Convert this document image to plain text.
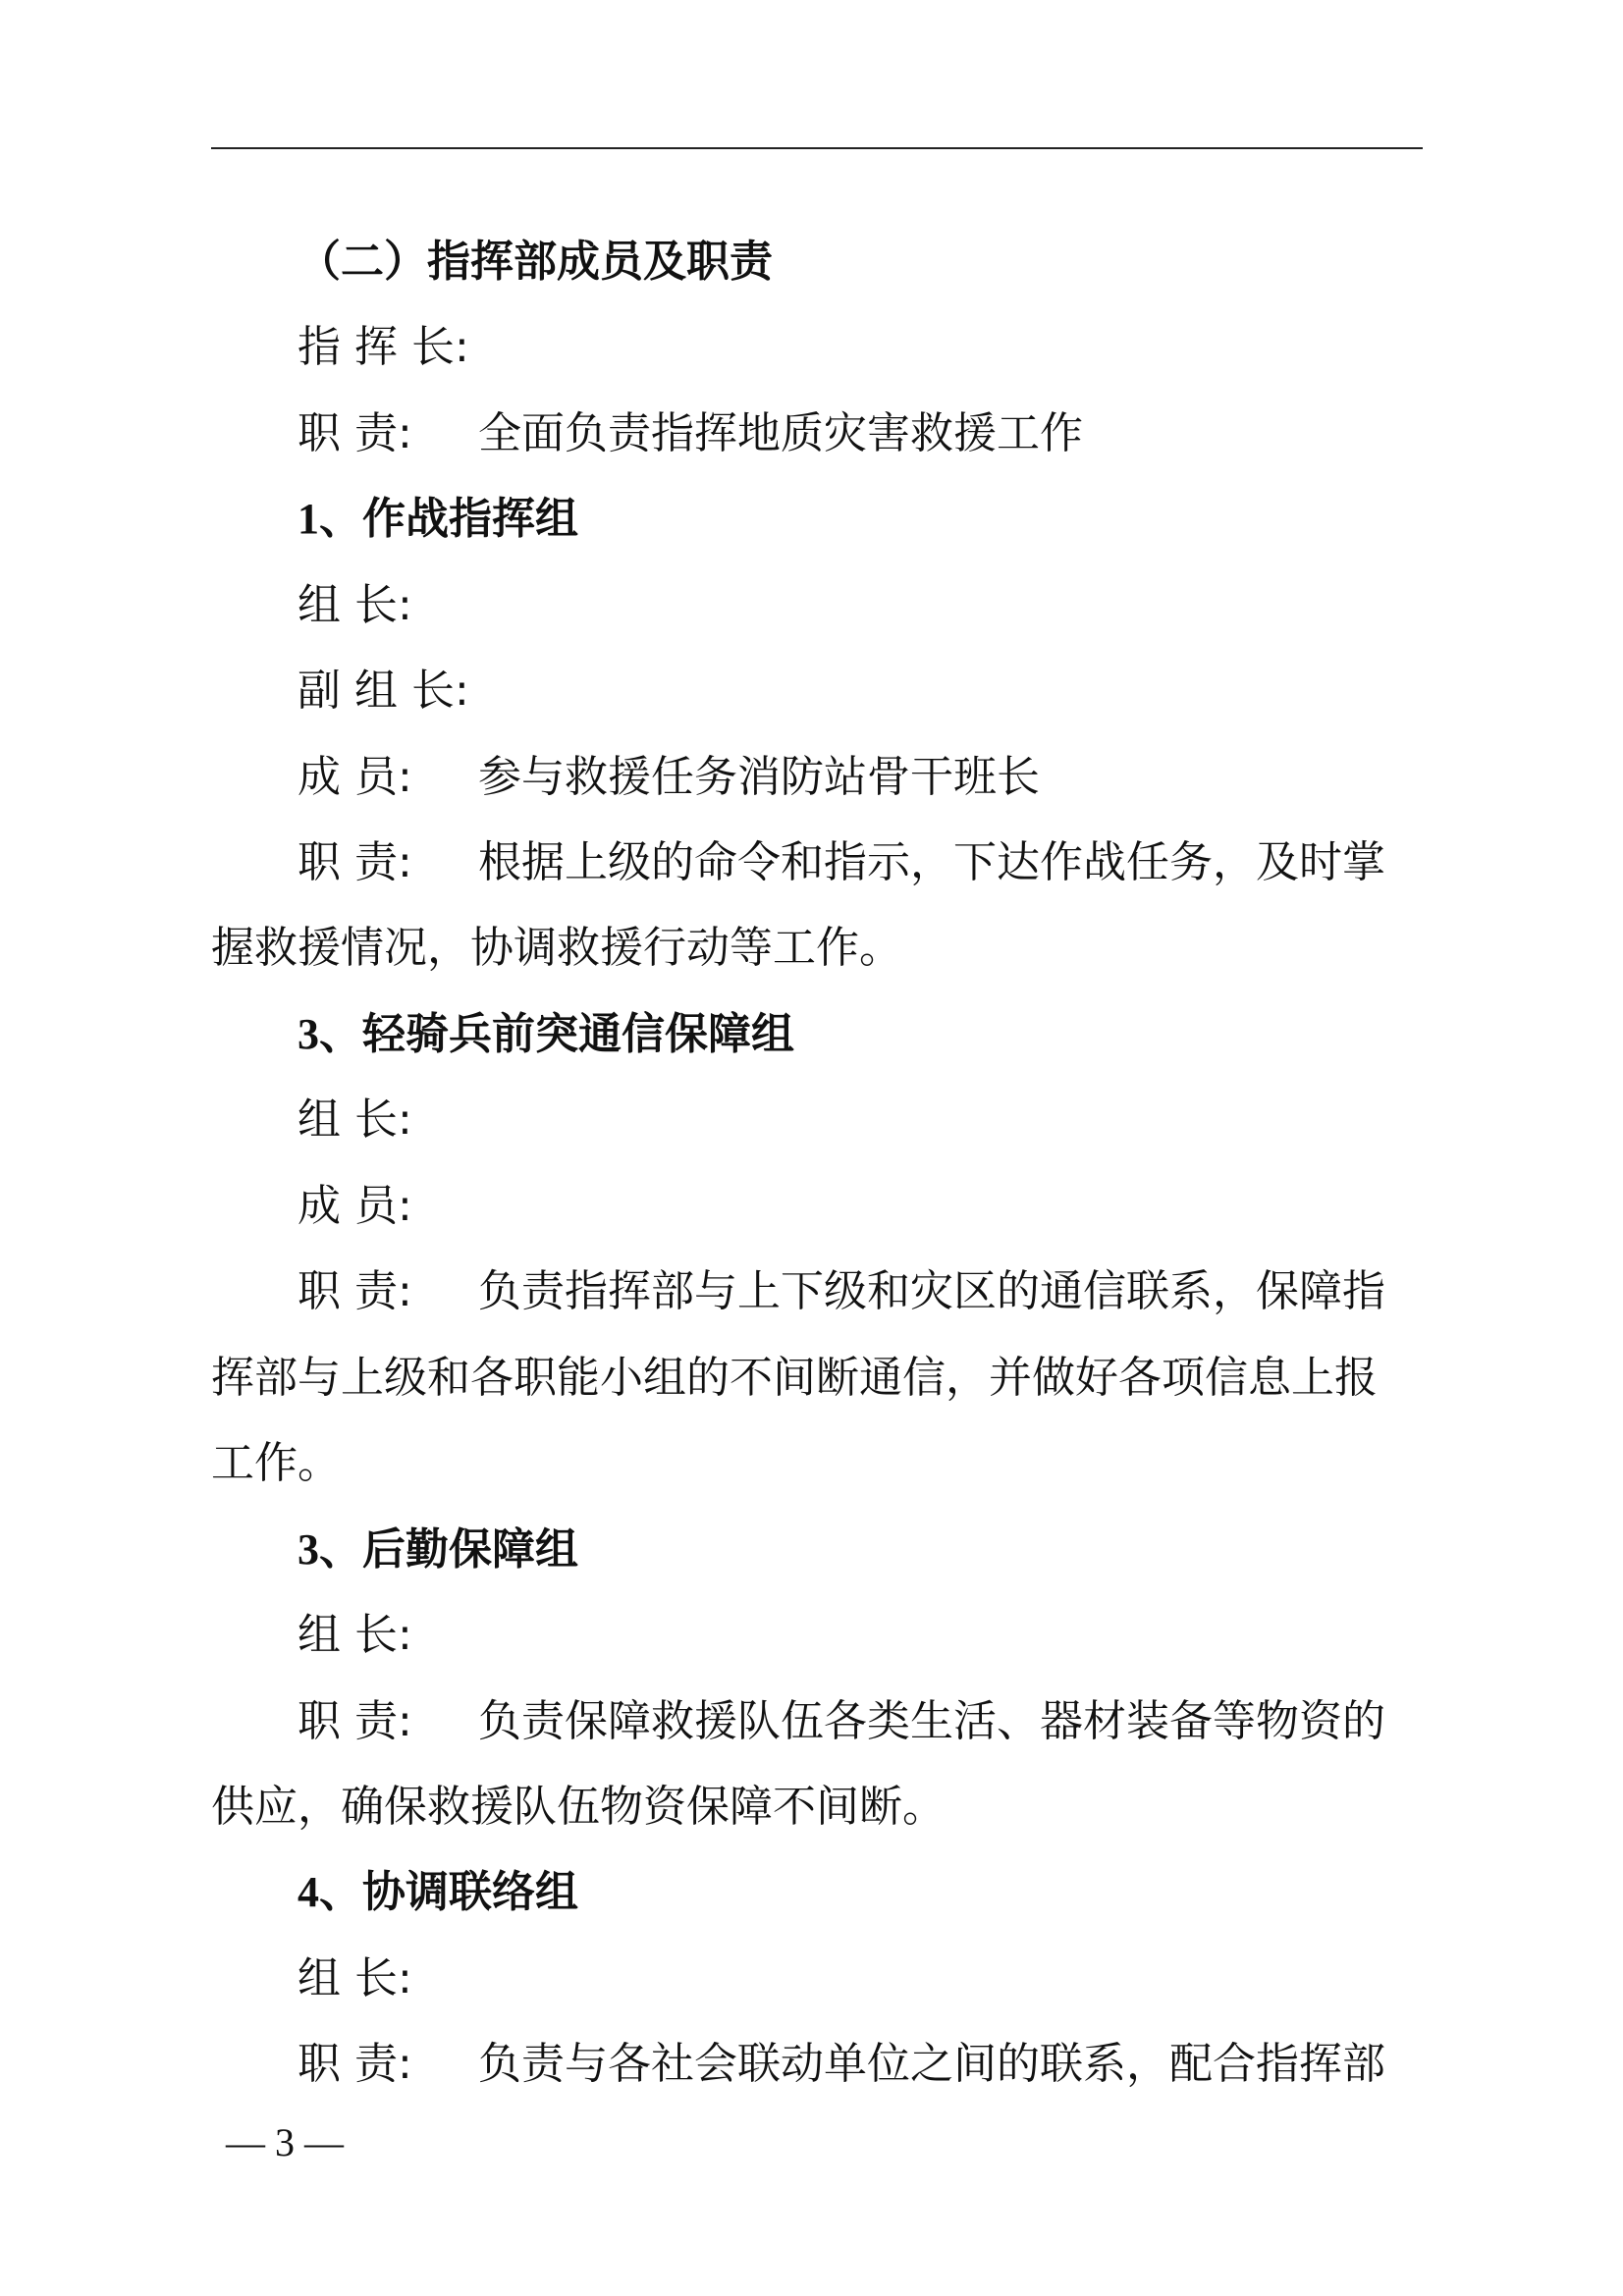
（二）指挥部成员及职责
指 挥 长:
职 责: 全面负责指挥地质灾害救援工作
1、作战指挥组
组 长:
副 组 长:
成 员: 参与救援任务消防站骨干班长
职 责: 根据上级的命令和指示，下达作战任务，及时掌
握救援情况，协调救援行动等工作。
3、轻骑兵前突通信保障组
组 长:
成 员:
职 责: 负责指挥部与上下级和灾区的通信联系，保障指
挥部与上级和各职能小组的不间断通信，并做好各项信息上报
工作。
3、后勤保障组
组 长:
职 责: 负责保障救援队伍各类生活、器材装备等物资的
供应，确保救援队伍物资保障不间断。
4、协调联络组
组 长:
职 责: 负责与各社会联动单位之间的联系，配合指挥部
— 3 —
